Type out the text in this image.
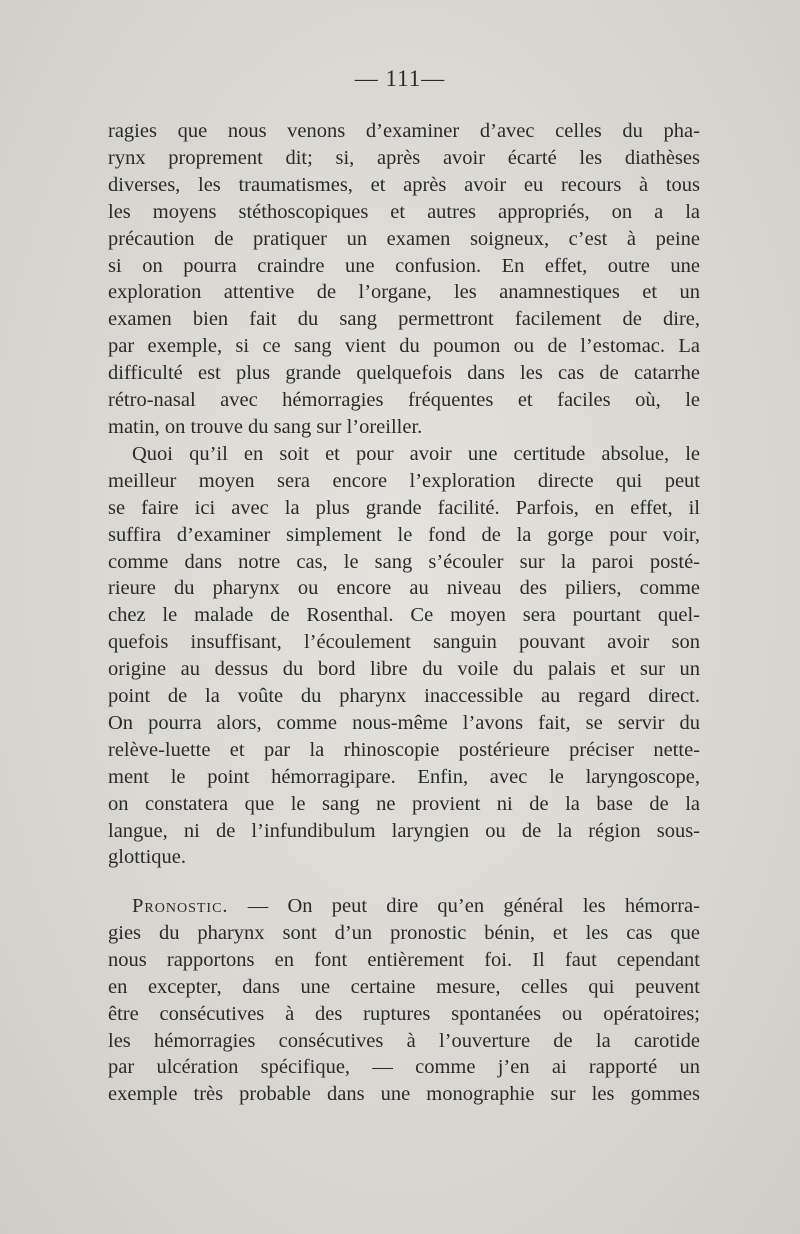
— 111—
ragies que nous venons d’examiner d’avec celles du pha-
rynx proprement dit; si, après avoir écarté les diathèses
diverses, les traumatismes, et après avoir eu recours à tous
les moyens stéthoscopiques et autres appropriés, on a la
précaution de pratiquer un examen soigneux, c’est à peine
si on pourra craindre une confusion. En effet, outre une
exploration attentive de l’organe, les anamnestiques et un
examen bien fait du sang permettront facilement de dire,
par exemple, si ce sang vient du poumon ou de l’estomac. La
difficulté est plus grande quelquefois dans les cas de catarrhe
rétro-nasal avec hémorragies fréquentes et faciles où, le
matin, on trouve du sang sur l’oreiller.
Quoi qu’il en soit et pour avoir une certitude absolue, le
meilleur moyen sera encore l’exploration directe qui peut
se faire ici avec la plus grande facilité. Parfois, en effet, il
suffira d’examiner simplement le fond de la gorge pour voir,
comme dans notre cas, le sang s’écouler sur la paroi posté-
rieure du pharynx ou encore au niveau des piliers, comme
chez le malade de Rosenthal. Ce moyen sera pourtant quel-
quefois insuffisant, l’écoulement sanguin pouvant avoir son
origine au dessus du bord libre du voile du palais et sur un
point de la voûte du pharynx inaccessible au regard direct.
On pourra alors, comme nous-même l’avons fait, se servir du
relève-luette et par la rhinoscopie postérieure préciser nette-
ment le point hémorragipare. Enfin, avec le laryngoscope,
on constatera que le sang ne provient ni de la base de la
langue, ni de l’infundibulum laryngien ou de la région sous-
glottique.
Pronostic. — On peut dire qu’en général les hémorra-
gies du pharynx sont d’un pronostic bénin, et les cas que
nous rapportons en font entièrement foi. Il faut cependant
en excepter, dans une certaine mesure, celles qui peuvent
être consécutives à des ruptures spontanées ou opératoires;
les hémorragies consécutives à l’ouverture de la carotide
par ulcération spécifique, — comme j’en ai rapporté un
exemple très probable dans une monographie sur les gommes
